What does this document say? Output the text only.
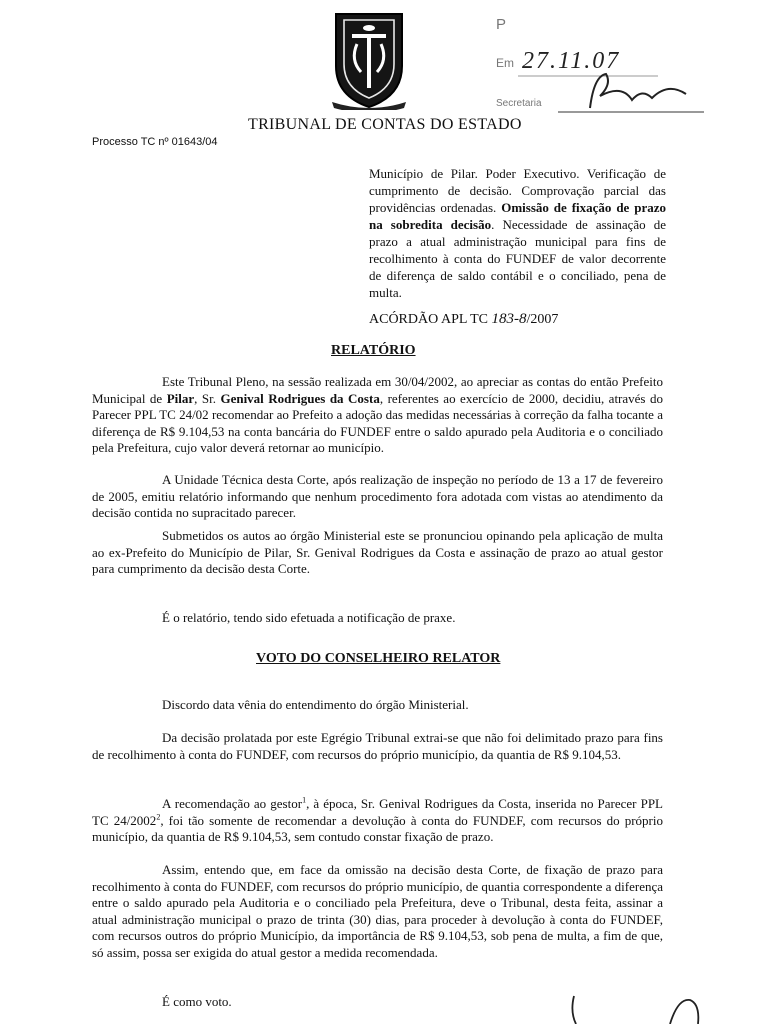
P
Em 27.11.07
Secretaria
TRIBUNAL DE CONTAS DO ESTADO
Processo TC nº 01643/04
Município de Pilar. Poder Executivo. Verificação de cumprimento de decisão. Comprovação parcial das providências ordenadas. Omissão de fixação de prazo na sobredita decisão. Necessidade de assinação de prazo a atual administração municipal para fins de recolhimento à conta do FUNDEF de valor decorrente de diferença de saldo contábil e o conciliado, pena de multa.
ACÓRDÃO APL TC 183-8/2007
RELATÓRIO
Este Tribunal Pleno, na sessão realizada em 30/04/2002, ao apreciar as contas do então Prefeito Municipal de Pilar, Sr. Genival Rodrigues da Costa, referentes ao exercício de 2000, decidiu, através do Parecer PPL TC 24/02 recomendar ao Prefeito a adoção das medidas necessárias à correção da falha tocante a diferença de R$ 9.104,53 na conta bancária do FUNDEF entre o saldo apurado pela Auditoria e o conciliado pela Prefeitura, cujo valor deverá retornar ao município.
A Unidade Técnica desta Corte, após realização de inspeção no período de 13 a 17 de fevereiro de 2005, emitiu relatório informando que nenhum procedimento fora adotada com vistas ao atendimento da decisão contida no supracitado parecer.
Submetidos os autos ao órgão Ministerial este se pronunciou opinando pela aplicação de multa ao ex-Prefeito do Município de Pilar, Sr. Genival Rodrigues da Costa e assinação de prazo ao atual gestor para cumprimento da decisão desta Corte.
É o relatório, tendo sido efetuada a notificação de praxe.
VOTO DO CONSELHEIRO RELATOR
Discordo data vênia do entendimento do órgão Ministerial.
Da decisão prolatada por este Egrégio Tribunal extrai-se que não foi delimitado prazo para fins de recolhimento à conta do FUNDEF, com recursos do próprio município, da quantia de R$ 9.104,53.
A recomendação ao gestor$^1$, à época, Sr. Genival Rodrigues da Costa, inserida no Parecer PPL TC 24/2002$^2$, foi tão somente de recomendar a devolução à conta do FUNDEF, com recursos do próprio município, da quantia de R$ 9.104,53, sem contudo constar fixação de prazo.
Assim, entendo que, em face da omissão na decisão desta Corte, de fixação de prazo para recolhimento à conta do FUNDEF, com recursos do próprio município, de quantia correspondente a diferença entre o saldo apurado pela Auditoria e o conciliado pela Prefeitura, deve o Tribunal, desta feita, assinar a atual administração municipal o prazo de trinta (30) dias, para proceder à devolução à conta do FUNDEF, com recursos outros do próprio Município, da importância de R$ 9.104,53, sob pena de multa, a fim de que, só assim, possa ser exigida do atual gestor a medida recomendada.
É como voto.
